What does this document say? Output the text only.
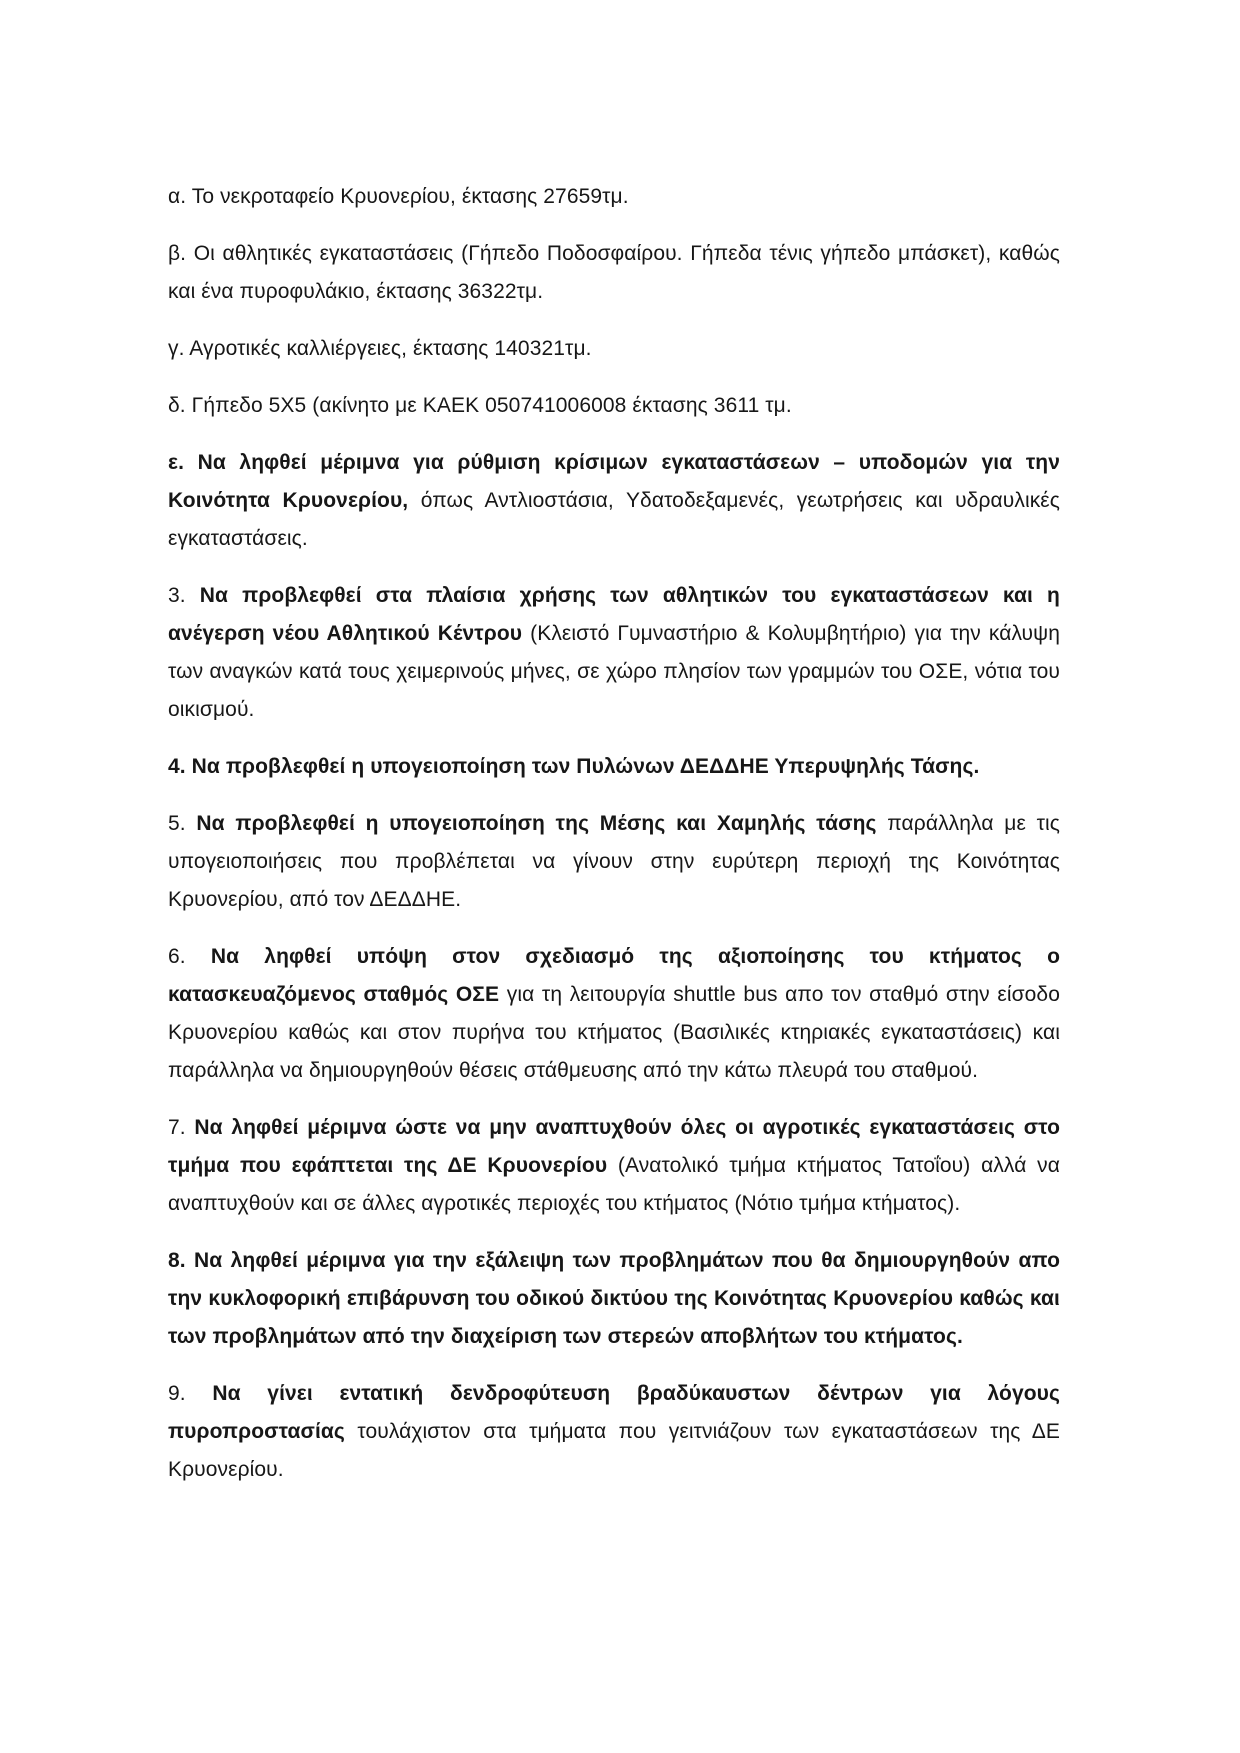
α. Το νεκροταφείο Κρυονερίου, έκτασης 27659τμ.

β. Οι αθλητικές εγκαταστάσεις (Γήπεδο Ποδοσφαίρου. Γήπεδα τένις γήπεδο μπάσκετ), καθώς και ένα πυροφυλάκιο, έκτασης 36322τμ.

γ. Αγροτικές καλλιέργειες, έκτασης 140321τμ.

δ. Γήπεδο 5Χ5 (ακίνητο με ΚΑΕΚ 050741006008 έκτασης 3611 τμ.

ε. Να ληφθεί μέριμνα για ρύθμιση κρίσιμων εγκαταστάσεων – υποδομών για την Κοινότητα Κρυονερίου, όπως Αντλιοστάσια, Υδατοδεξαμενές, γεωτρήσεις και υδραυλικές εγκαταστάσεις.

3. Να προβλεφθεί στα πλαίσια χρήσης των αθλητικών του εγκαταστάσεων και η ανέγερση νέου Αθλητικού Κέντρου (Κλειστό Γυμναστήριο & Κολυμβητήριο) για την κάλυψη των αναγκών κατά τους χειμερινούς μήνες, σε χώρο πλησίον των γραμμών του ΟΣΕ, νότια του οικισμού.

4. Να προβλεφθεί η υπογειοποίηση των Πυλώνων ΔΕΔΔΗΕ Υπερυψηλής Τάσης.

5. Να προβλεφθεί η υπογειοποίηση της Μέσης και Χαμηλής τάσης παράλληλα με τις υπογειοποιήσεις που προβλέπεται να γίνουν στην ευρύτερη περιοχή της Κοινότητας Κρυονερίου, από τον ΔΕΔΔΗΕ.

6. Να ληφθεί υπόψη στον σχεδιασμό της αξιοποίησης του κτήματος ο κατασκευαζόμενος σταθμός ΟΣΕ για τη λειτουργία shuttle bus απο τον σταθμό στην είσοδο Κρυονερίου καθώς και στον πυρήνα του κτήματος (Βασιλικές κτηριακές εγκαταστάσεις) και παράλληλα να δημιουργηθούν θέσεις στάθμευσης από την κάτω πλευρά του σταθμού.

7. Να ληφθεί μέριμνα ώστε να μην αναπτυχθούν όλες οι αγροτικές εγκαταστάσεις στο τμήμα που εφάπτεται της ΔΕ Κρυονερίου (Ανατολικό τμήμα κτήματος Τατοΐου) αλλά να αναπτυχθούν και σε άλλες αγροτικές περιοχές του κτήματος (Νότιο τμήμα κτήματος).

8. Να ληφθεί μέριμνα για την εξάλειψη των προβλημάτων που θα δημιουργηθούν απο την κυκλοφορική επιβάρυνση του οδικού δικτύου της Κοινότητας Κρυονερίου καθώς και των προβλημάτων από την διαχείριση των στερεών αποβλήτων του κτήματος.

9. Να γίνει εντατική δενδροφύτευση βραδύκαυστων δέντρων για λόγους πυροπροστασίας τουλάχιστον στα τμήματα που γειτνιάζουν των εγκαταστάσεων της ΔΕ Κρυονερίου.
